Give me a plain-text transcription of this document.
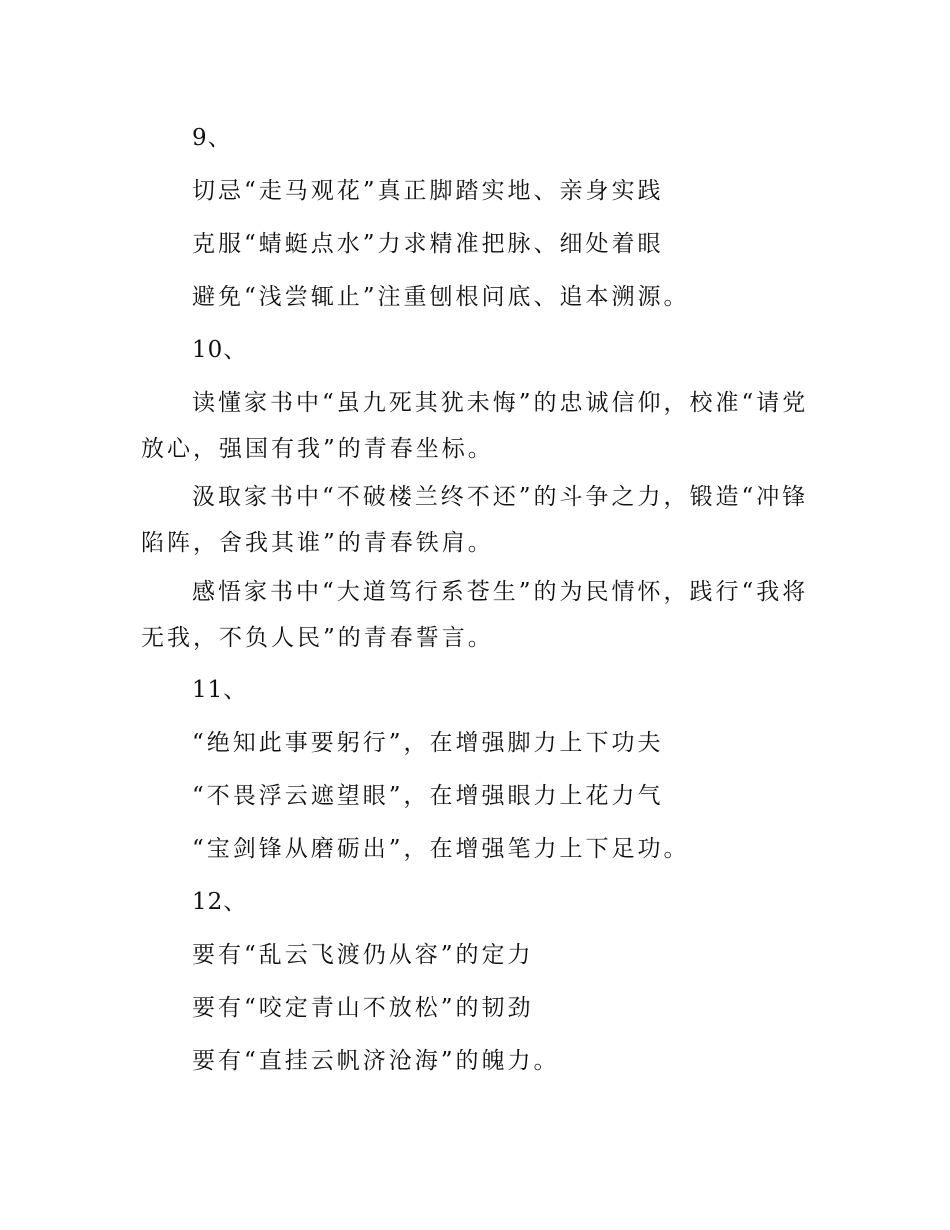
9、
切忌“走马观花”真正脚踏实地、亲身实践
克服“蜻蜓点水”力求精准把脉、细处着眼
避免“浅尝辄止”注重刨根问底、追本溯源。
10、
读懂家书中“虽九死其犹未悔”的忠诚信仰，校准“请党放心，强国有我”的青春坐标。
汲取家书中“不破楼兰终不还”的斗争之力，锻造“冲锋陷阵，舍我其谁”的青春铁肩。
感悟家书中“大道笃行系苍生”的为民情怀，践行“我将无我，不负人民”的青春誓言。
11、
“绝知此事要躬行”，在增强脚力上下功夫
“不畏浮云遮望眼”，在增强眼力上花力气
“宝剑锋从磨砺出”，在增强笔力上下足功。
12、
要有“乱云飞渡仍从容”的定力
要有“咬定青山不放松”的韧劲
要有“直挂云帆济沧海”的魄力。
